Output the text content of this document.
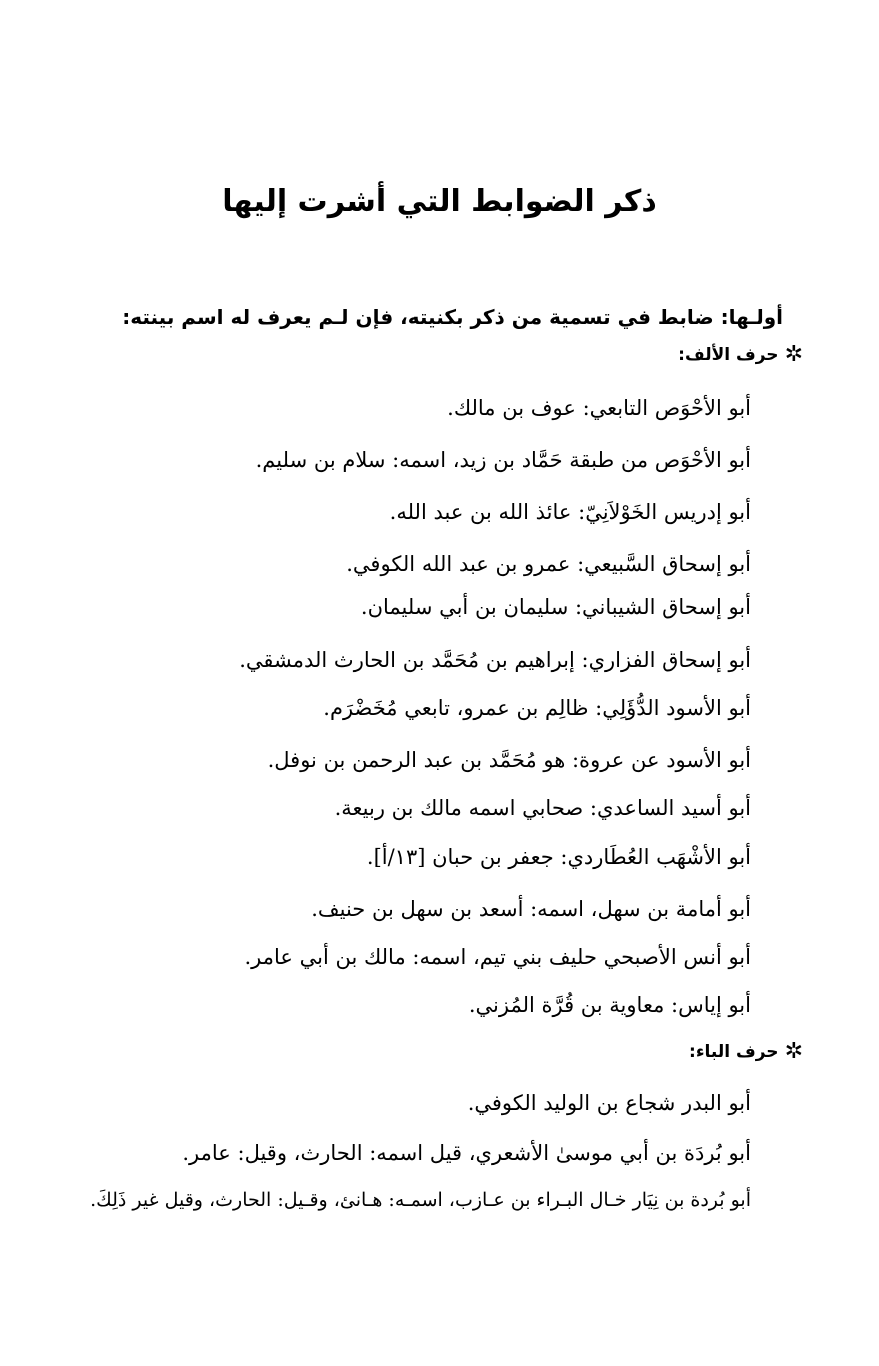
ذكر الضوابط التي أشرت إليها
أولـها: ضابط في تسمية من ذكر بكنيته، فإن لـم يعرف له اسم بينته:
✲
حرف الألف:
أبو الأحْوَص التابعي: عوف بن مالك.
أبو الأحْوَص من طبقة حَمَّاد بن زيد، اسمه: سلام بن سليم.
أبو إدريس الخَوْلاَنِيّ: عائذ الله بن عبد الله.
أبو إسحاق السَّبيعي: عمرو بن عبد الله الكوفي.
أبو إسحاق الشيباني: سليمان بن أبي سليمان.
أبو إسحاق الفزاري: إبراهيم بن مُحَمَّد بن الحارث الدمشقي.
أبو الأسود الدُّؤَلِي: ظالِم بن عمرو، تابعي مُخَضْرَم.
أبو الأسود عن عروة: هو مُحَمَّد بن عبد الرحمن بن نوفل.
أبو أسيد الساعدي: صحابي اسمه مالك بن ربيعة.
أبو الأشْهَب العُطَاردي: جعفر بن حبان [١٣/أ].
أبو أمامة بن سهل، اسمه: أسعد بن سهل بن حنيف.
أبو أنس الأصبحي حليف بني تيم، اسمه: مالك بن أبي عامر.
أبو إياس: معاوية بن قُرَّة المُزني.
✲
حرف الباء:
أبو البدر شجاع بن الوليد الكوفي.
أبو بُردَة بن أبي موسىٰ الأشعري، قيل اسمه: الحارث، وقيل: عامر.
أبو بُردة بن نِيَار خـال البـراء بن عـازب، اسمـه: هـانئ، وقـيل: الحارث، وقيل غير ذَلِكَ.
